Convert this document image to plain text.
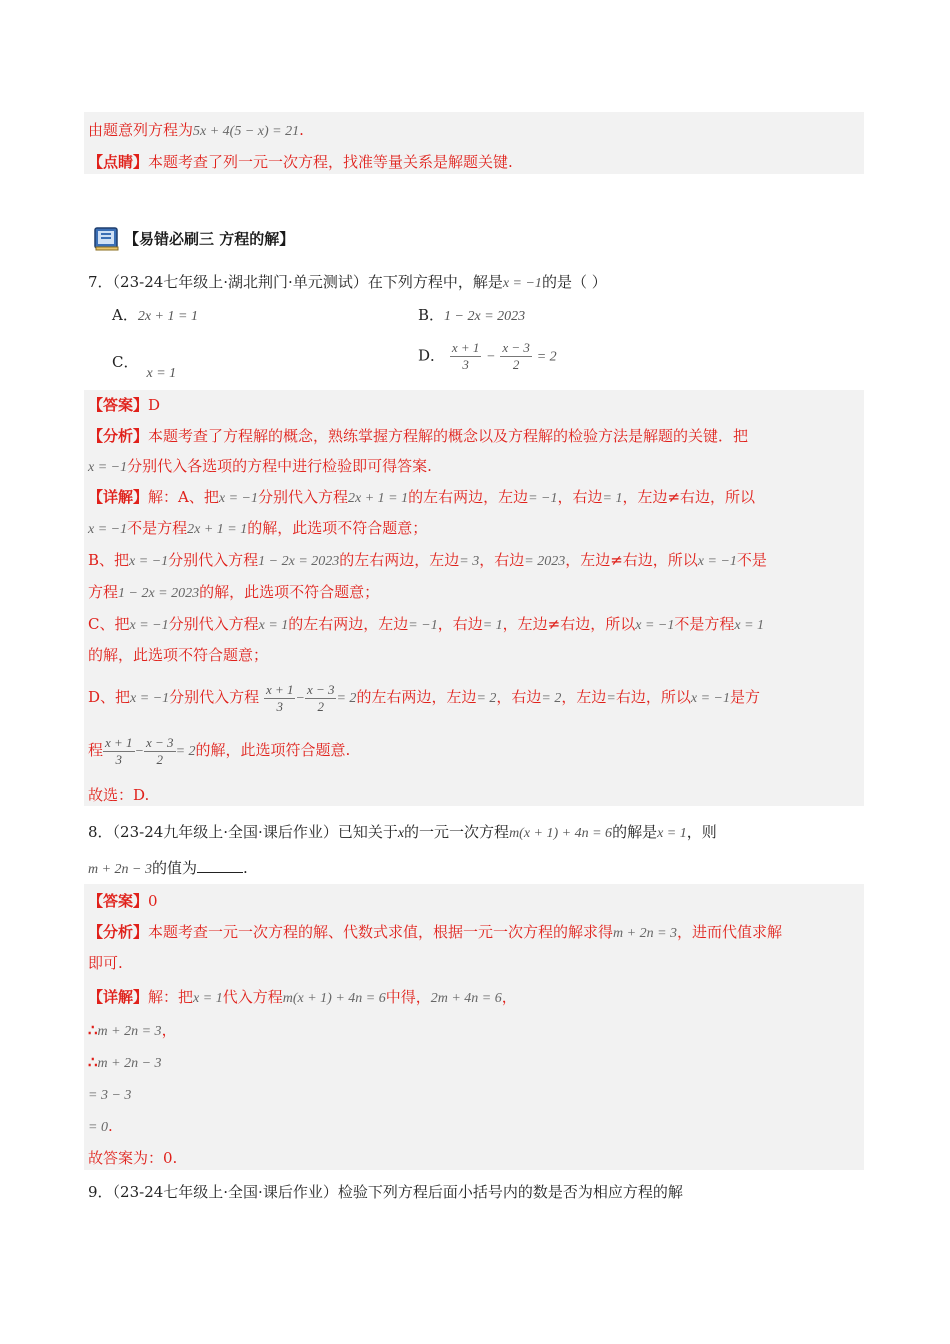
由题意列方程为5x + 4(5 − x) = 21.
【点睛】本题考查了列一元一次方程，找准等量关系是解题关键.
【易错必刷三 方程的解】
7．（23-24七年级上·湖北荆门·单元测试）在下列方程中，解是x = −1的是（ ）
A．2x + 1 = 1	B．1 − 2x = 2023
C．x = 1
D． $\frac{x + 1}{3} - \frac{x - 3}{2} = 2$
【答案】D
【分析】本题考查了方程解的概念，熟练掌握方程解的概念以及方程解的检验方法是解题的关键．把
x = −1分别代入各选项的方程中进行检验即可得答案.
【详解】解：A、把x = −1分别代入方程2x + 1 = 1的左右两边，左边= −1，右边= 1，左边≠右边，所以
x = −1不是方程2x + 1 = 1的解，此选项不符合题意；
B、把x = −1分别代入方程1 − 2x = 2023的左右两边，左边= 3，右边= 2023，左边≠右边，所以x = −1不是
方程1 − 2x = 2023的解，此选项不符合题意；
C、把x = −1分别代入方程x = 1的左右两边，左边= −1，右边= 1，左边≠右边，所以x = −1不是方程x = 1
的解，此选项不符合题意；
D、把x = −1分别代入方程 $\frac{x + 1}{3} - \frac{x - 3}{2} = 2$的左右两边，左边= 2，右边= 2，左边=右边，所以x = −1是方
程 $\frac{x + 1}{3} - \frac{x - 3}{2} = 2$的解，此选项符合题意.
故选：D.
8．（23-24九年级上·全国·课后作业）已知关于x的一元一次方程m(x + 1) + 4n = 6的解是x = 1，则
m + 2n − 3的值为	.
【答案】0
【分析】本题考查一元一次方程的解、代数式求值，根据一元一次方程的解求得m + 2n = 3，进而代值求解
即可.
【详解】解：把x = 1代入方程m(x + 1) + 4n = 6中得，2m + 4n = 6，
∴m + 2n = 3，
∴m + 2n − 3
= 3 − 3
= 0.
故答案为：0.
9．（23-24七年级上·全国·课后作业）检验下列方程后面小括号内的数是否为相应方程的解
